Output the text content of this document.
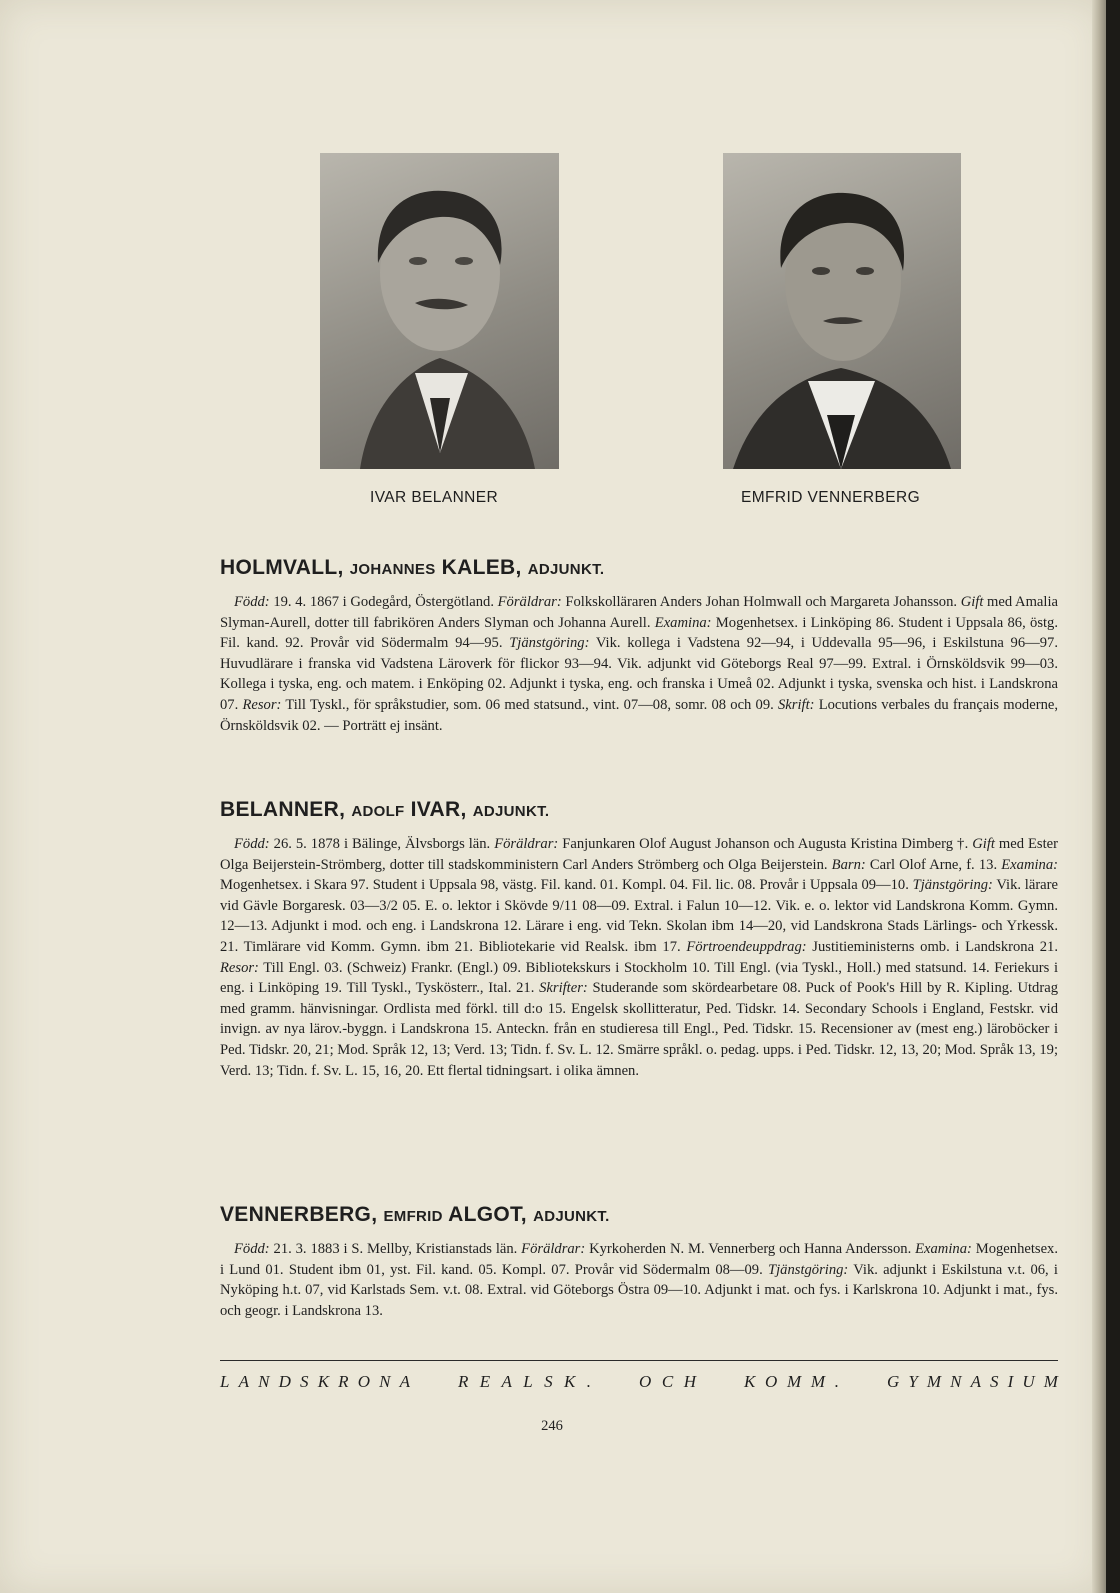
IVAR BELANNER	EMFRID VENNERBERG
HOLMVALL, JOHANNES KALEB, ADJUNKT.

Född: 19. 4. 1867 i Godegård, Östergötland. Föräldrar: Folkskolläraren Anders Johan Holmwall och Margareta Johansson. Gift med Amalia Slyman-Aurell, dotter till fabrikören Anders Slyman och Johanna Aurell. Examina: Mogenhetsex. i Linköping 86. Student i Uppsala 86, östg. Fil. kand. 92. Provår vid Södermalm 94—95. Tjänstgöring: Vik. kollega i Vadstena 92—94, i Uddevalla 95—96, i Eskilstuna 96—97. Huvudlärare i franska vid Vadstena Läroverk för flickor 93—94. Vik. adjunkt vid Göteborgs Real 97—99. Extral. i Örnsköldsvik 99—03. Kollega i tyska, eng. och matem. i Enköping 02. Adjunkt i tyska, eng. och franska i Umeå 02. Adjunkt i tyska, svenska och hist. i Landskrona 07. Resor: Till Tyskl., för språkstudier, som. 06 med statsund., vint. 07—08, somr. 08 och 09. Skrift: Locutions verbales du français moderne, Örnsköldsvik 02. — Porträtt ej insänt.

BELANNER, ADOLF IVAR, ADJUNKT.

Född: 26. 5. 1878 i Bälinge, Älvsborgs län. Föräldrar: Fanjunkaren Olof August Johanson och Augusta Kristina Dimberg †. Gift med Ester Olga Beijerstein-Strömberg, dotter till stadskomministern Carl Anders Strömberg och Olga Beijerstein. Barn: Carl Olof Arne, f. 13. Examina: Mogenhetsex. i Skara 97. Student i Uppsala 98, västg. Fil. kand. 01. Kompl. 04. Fil. lic. 08. Provår i Uppsala 09—10. Tjänstgöring: Vik. lärare vid Gävle Borgaresk. 03—3/2 05. E. o. lektor i Skövde 9/11 08—09. Extral. i Falun 10—12. Vik. e. o. lektor vid Landskrona Komm. Gymn. 12—13. Adjunkt i mod. och eng. i Landskrona 12. Lärare i eng. vid Tekn. Skolan ibm 14—20, vid Landskrona Stads Lärlings- och Yrkessk. 21. Timlärare vid Komm. Gymn. ibm 21. Bibliotekarie vid Realsk. ibm 17. Förtroendeuppdrag: Justitieministerns omb. i Landskrona 21. Resor: Till Engl. 03. (Schweiz) Frankr. (Engl.) 09. Bibliotekskurs i Stockholm 10. Till Engl. (via Tyskl., Holl.) med statsund. 14. Feriekurs i eng. i Linköping 19. Till Tyskl., Tyskösterr., Ital. 21. Skrifter: Studerande som skördearbetare 08. Puck of Pook's Hill by R. Kipling. Utdrag med gramm. hänvisningar. Ordlista med förkl. till d:o 15. Engelsk skollitteratur, Ped. Tidskr. 14. Secondary Schools i England, Festskr. vid invign. av nya lärov.-byggn. i Landskrona 15. Anteckn. från en studieresa till Engl., Ped. Tidskr. 15. Recensioner av (mest eng.) läroböcker i Ped. Tidskr. 20, 21; Mod. Språk 12, 13; Verd. 13; Tidn. f. Sv. L. 12. Smärre språkl. o. pedag. upps. i Ped. Tidskr. 12, 13, 20; Mod. Språk 13, 19; Verd. 13; Tidn. f. Sv. L. 15, 16, 20. Ett flertal tidningsart. i olika ämnen.

VENNERBERG, EMFRID ALGOT, ADJUNKT.

Född: 21. 3. 1883 i S. Mellby, Kristianstads län. Föräldrar: Kyrkoherden N. M. Vennerberg och Hanna Andersson. Examina: Mogenhetsex. i Lund 01. Student ibm 01, yst. Fil. kand. 05. Kompl. 07. Provår vid Södermalm 08—09. Tjänstgöring: Vik. adjunkt i Eskilstuna v.t. 06, i Nyköping h.t. 07, vid Karlstads Sem. v.t. 08. Extral. vid Göteborgs Östra 09—10. Adjunkt i mat. och fys. i Karlskrona 10. Adjunkt i mat., fys. och geogr. i Landskrona 13.

L A N D S K R O N A	R E A L S K .	O C H	K O M M .	G Y M N A S I U M
246
